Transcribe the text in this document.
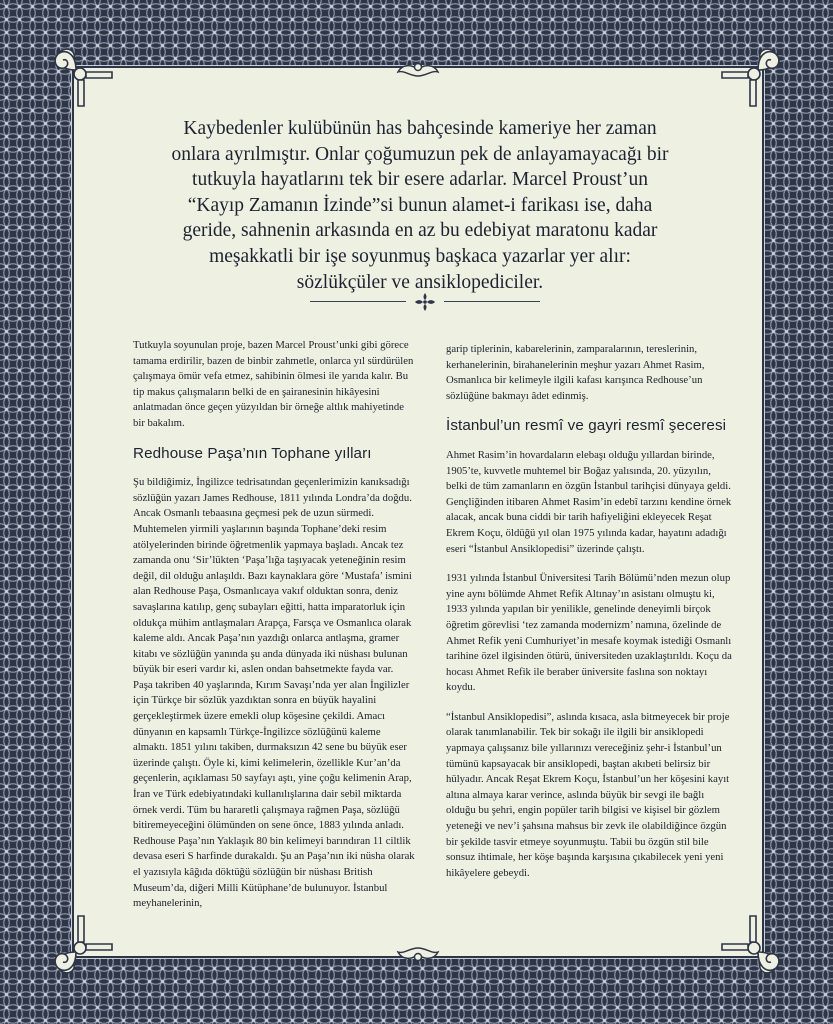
Kaybedenler kulübünün has bahçesinde kameriye her zaman onlara ayrılmıştır. Onlar çoğumuzun pek de anlayamayacağı bir tutkuyla hayatlarını tek bir esere adarlar. Marcel Proust’un “Kayıp Zamanın İzinde”si bunun alamet-i farikası ise, daha geride, sahnenin arkasında en az bu edebiyat maratonu kadar meşakkatli bir işe soyunmuş başkaca yazarlar yer alır: sözlükçüler ve ansiklopediciler.

Tutkuyla soyunulan proje, bazen Marcel Proust’unki gibi görece tamama erdirilir, bazen de binbir zahmetle, onlarca yıl sürdürülen çalışmaya ömür vefa etmez, sahibinin ölmesi ile yarıda kalır. Bu tip makus çalışmaların belki de en şairanesinin hikâyesini anlatmadan önce geçen yüzyıldan bir örneğe altlık mahiyetinde bir bakalım.

Redhouse Paşa’nın Tophane yılları

Şu bildiğimiz, İngilizce tedrisatından geçenlerimizin kanıksadığı sözlüğün yazarı James Redhouse, 1811 yılında Londra’da doğdu. Ancak Osmanlı tebaasına geçmesi pek de uzun sürmedi. Muhtemelen yirmili yaşlarının başında Tophane’deki resim atölyelerinden birinde öğretmenlik yapmaya başladı. Ancak tez zamanda onu ‘Sir’lükten ‘Paşa’lığa taşıyacak yeteneğinin resim değil, dil olduğu anlaşıldı. Bazı kaynaklara göre ‘Mustafa’ ismini alan Redhouse Paşa, Osmanlıcaya vakıf olduktan sonra, deniz savaşlarına katılıp, genç subayları eğitti, hatta imparatorluk için oldukça mühim antlaşmaları Arapça, Farsça ve Osmanlıca olarak kaleme aldı. Ancak Paşa’nın yazdığı onlarca antlaşma, gramer kitabı ve sözlüğün yanında şu anda dünyada iki nüshası bulunan büyük bir eseri vardır ki, aslen ondan bahsetmekte fayda var. Paşa takriben 40 yaşlarında, Kırım Savaşı’nda yer alan İngilizler için Türkçe bir sözlük yazdıktan sonra en büyük hayalini gerçekleştirmek üzere emekli olup köşesine çekildi. Amacı dünyanın en kapsamlı Türkçe-İngilizce sözlüğünü kaleme almaktı. 1851 yılını takiben, durmaksızın 42 sene bu büyük eser üzerinde çalıştı. Öyle ki, kimi kelimelerin, özellikle Kur’an’da geçenlerin, açıklaması 50 sayfayı aştı, yine çoğu kelimenin Arap, İran ve Türk edebiyatındaki kullanılışlarına dair sebil miktarda örnek verdi. Tüm bu hararetli çalışmaya rağmen Paşa, sözlüğü bitiremeyeceğini ölümünden on sene önce, 1883 yılında anladı. Redhouse Paşa’nın Yaklaşık 80 bin kelimeyi barındıran 11 ciltlik devasa eseri S harfinde durakaldı. Şu an Paşa’nın iki nüsha olarak el yazısıyla kâğıda döktüğü sözlüğün bir nüshası British Museum’da, diğeri Milli Kütüphane’de bulunuyor. İstanbul meyhanelerinin,

garip tiplerinin, kabarelerinin, zamparalarının, tereslerinin, kerhanelerinin, birahanelerinin meşhur yazarı Ahmet Rasim, Osmanlıca bir kelimeyle ilgili kafası karışınca Redhouse’un sözlüğüne bakmayı âdet edinmiş.

İstanbul’un resmî ve gayri resmî şeceresi

Ahmet Rasim’in hovardaların elebaşı olduğu yıllardan birinde, 1905’te, kuvvetle muhtemel bir Boğaz yalısında, 20. yüzyılın, belki de tüm zamanların en özgün İstanbul tarihçisi dünyaya geldi. Gençliğinden itibaren Ahmet Rasim’in edebî tarzını kendine örnek alacak, ancak buna ciddi bir tarih hafiyeliğini ekleyecek Reşat Ekrem Koçu, öldüğü yıl olan 1975 yılında kadar, hayatını adadığı eseri “İstanbul Ansiklopedisi” üzerinde çalıştı.

1931 yılında İstanbul Üniversitesi Tarih Bölümü’nden mezun olup yine aynı bölümde Ahmet Refik Altınay’ın asistanı olmuştu ki, 1933 yılında yapılan bir yenilikle, genelinde deneyimli birçok öğretim görevlisi ‘tez zamanda modernizm’ namına, özelinde de Ahmet Refik yeni Cumhuriyet’in mesafe koymak istediği Osmanlı tarihine özel ilgisinden ötürü, üniversiteden uzaklaştırıldı. Koçu da hocası Ahmet Refik ile beraber üniversite faslına son noktayı koydu.

“İstanbul Ansiklopedisi”, aslında kısaca, asla bitmeyecek bir proje olarak tanımlanabilir. Tek bir sokağı ile ilgili bir ansiklopedi yapmaya çalışsanız bile yıllarınızı vereceğiniz şehr-i İstanbul’un tümünü kapsayacak bir ansiklopedi, baştan akıbeti belirsiz bir hülyadır. Ancak Reşat Ekrem Koçu, İstanbul’un her köşesini kayıt altına almaya karar verince, aslında büyük bir sevgi ile bağlı olduğu bu şehri, engin popüler tarih bilgisi ve kişisel bir gözlem yeteneği ve nev’i şahsına mahsus bir zevk ile olabildiğince özgün bir şekilde tasvir etmeye soyunmuştu. Tabii bu özgün stil bile sonsuz ihtimale, her köşe başında karşısına çıkabilecek yeni yeni hikâyelere gebeydi.
